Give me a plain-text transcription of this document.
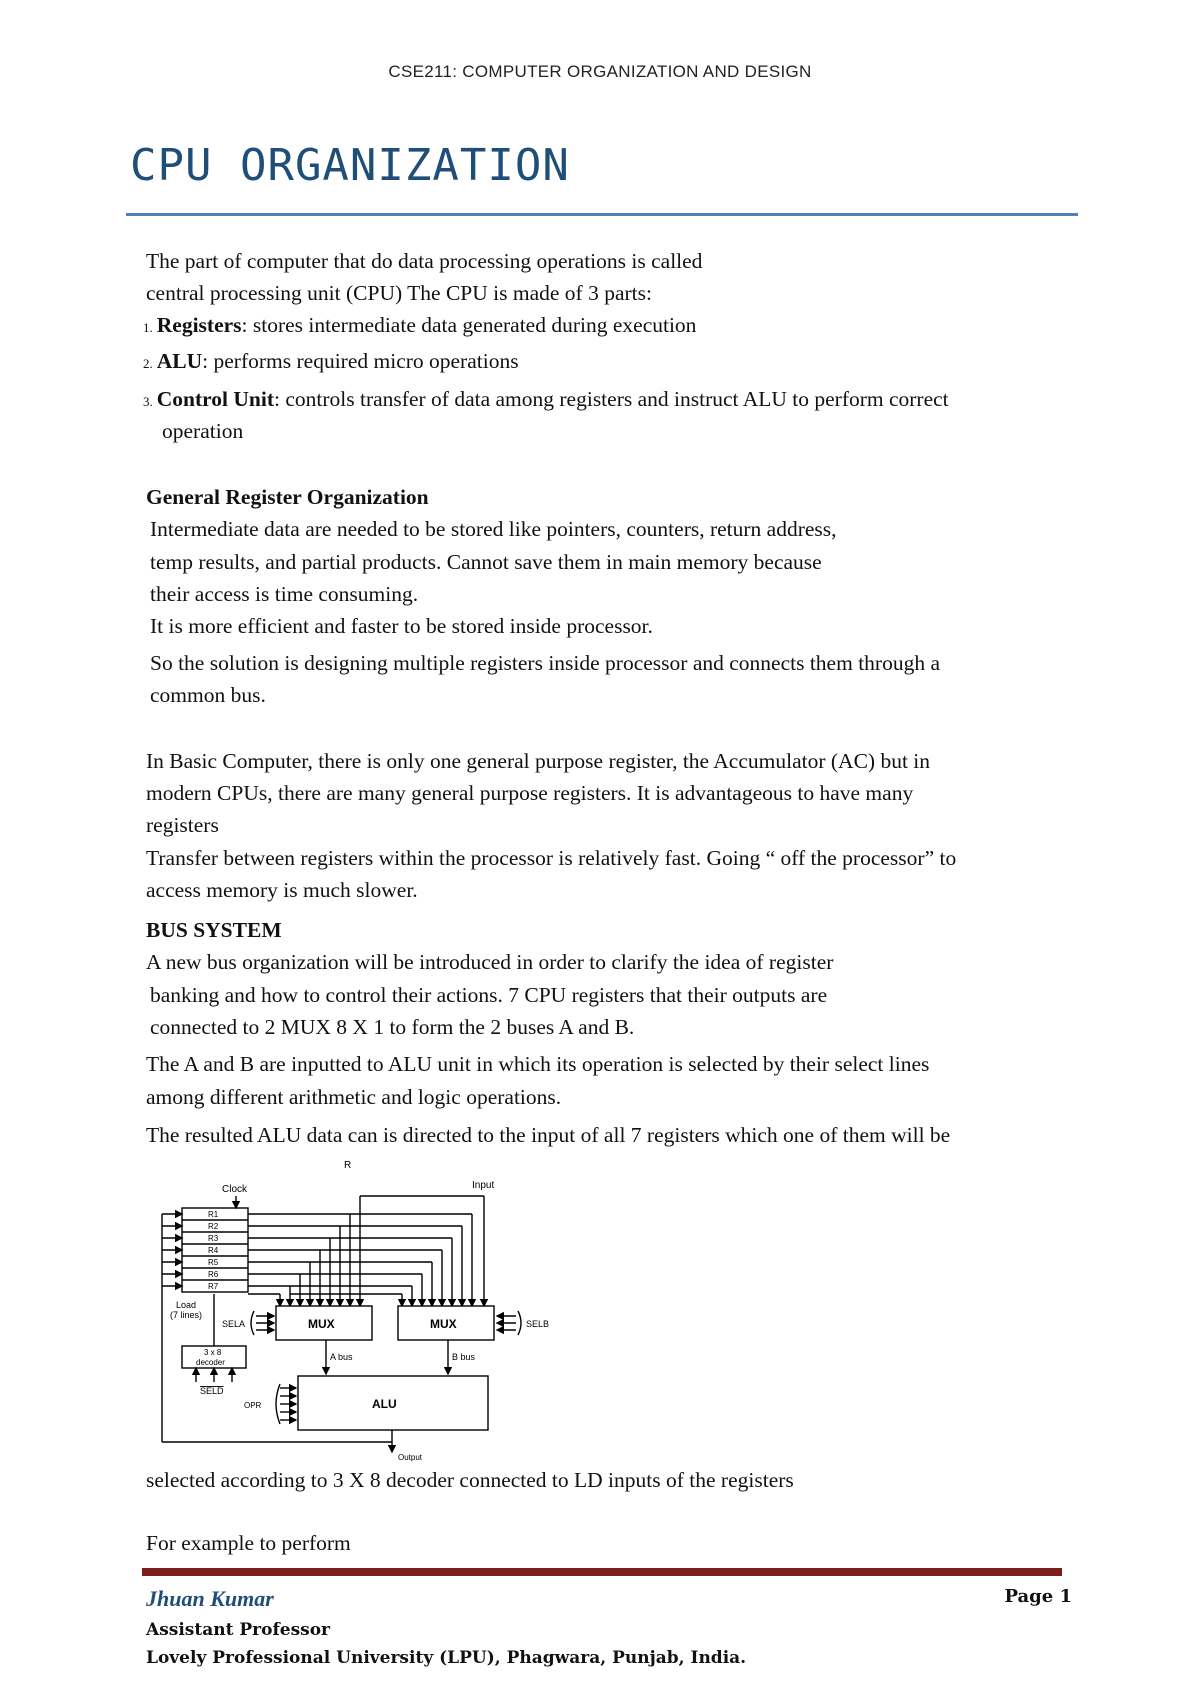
CSE211: COMPUTER ORGANIZATION AND DESIGN
CPU ORGANIZATION
The part of computer that do data processing operations is called
central processing unit (CPU) The CPU is made of 3 parts:
1. Registers: stores intermediate data generated during execution
2. ALU: performs required micro operations
3. Control Unit: controls transfer of data among registers and instruct ALU to perform correct
operation
General Register Organization
Intermediate data are needed to be stored like pointers, counters, return address,
temp results, and partial products. Cannot save them in main memory because
their access is time consuming.
It is more efficient and faster to be stored inside processor.
So the solution is designing multiple registers inside processor and connects them through a
common bus.
In Basic Computer, there is only one general purpose register, the Accumulator (AC) but in
modern CPUs, there are many general purpose registers. It is advantageous to have many
registers
Transfer between registers within the processor is relatively fast. Going “ off the processor” to
access memory is much slower.
BUS SYSTEM
A new bus organization will be introduced in order to clarify the idea of register
banking and how to control their actions. 7 CPU registers that their outputs are
connected to 2 MUX 8 X 1 to form the 2 buses A and B.
The A and B are inputted to ALU unit in which its operation is selected by their select lines
among different arithmetic and logic operations.
The resulted ALU data can is directed to the input of all 7 registers which one of them will be
R
Clock	Input
R1
R2
R3
R4
R5
R6
R7
Load
(7 lines)
SELA	SELB
MUX	MUX
3 x 8
decoder
SELD
A bus	B bus
OPR	ALU
Output
selected according to 3 X 8 decoder connected to LD inputs of the registers
For example to perform
Jhuan Kumar	Page 1
Assistant Professor
Lovely Professional University (LPU), Phagwara, Punjab, India.
